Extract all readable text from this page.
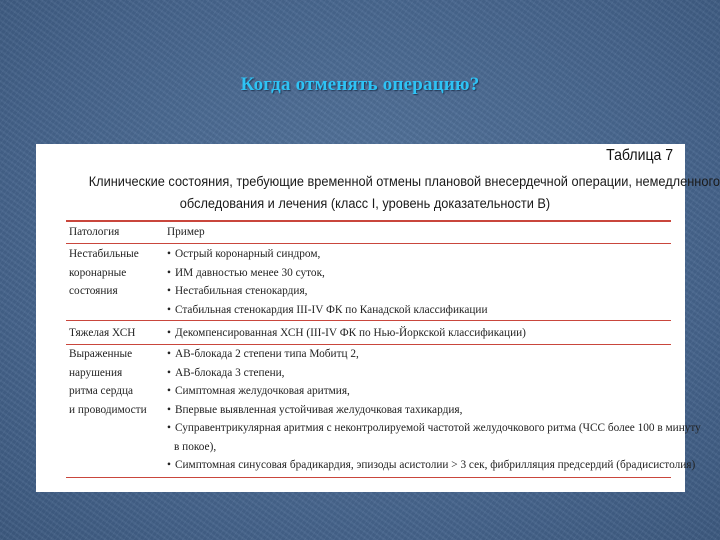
Когда отменять операцию?
Таблица 7
Клинические состояния, требующие временной отмены плановой внесердечной операции, немедленного
обследования и лечения (класс I, уровень доказательности B)
Патология	Пример
Нестабильные
коронарные
состояния
• Острый коронарный синдром,
• ИМ давностью менее 30 суток,
• Нестабильная стенокардия,
• Стабильная стенокардия III-IV ФК по Канадской классификации
Тяжелая ХСН
•	Декомпенсированная ХСН (III-IV ФК по Нью-Йоркской классификации)
Выраженные
нарушения
ритма сердца
и проводимости
• АВ-блокада 2 степени типа Мобитц 2,
• АВ-блокада 3 степени,
• Симптомная желудочковая аритмия,
• Впервые выявленная устойчивая желудочковая тахикардия,
• Суправентрикулярная аритмия с неконтролируемой частотой желудочкового ритма (ЧСС более 100 в минуту
в покое),
• Симптомная синусовая брадикардия, эпизоды асистолии > 3 сек, фибрилляция предсердий (брадисистолия)
